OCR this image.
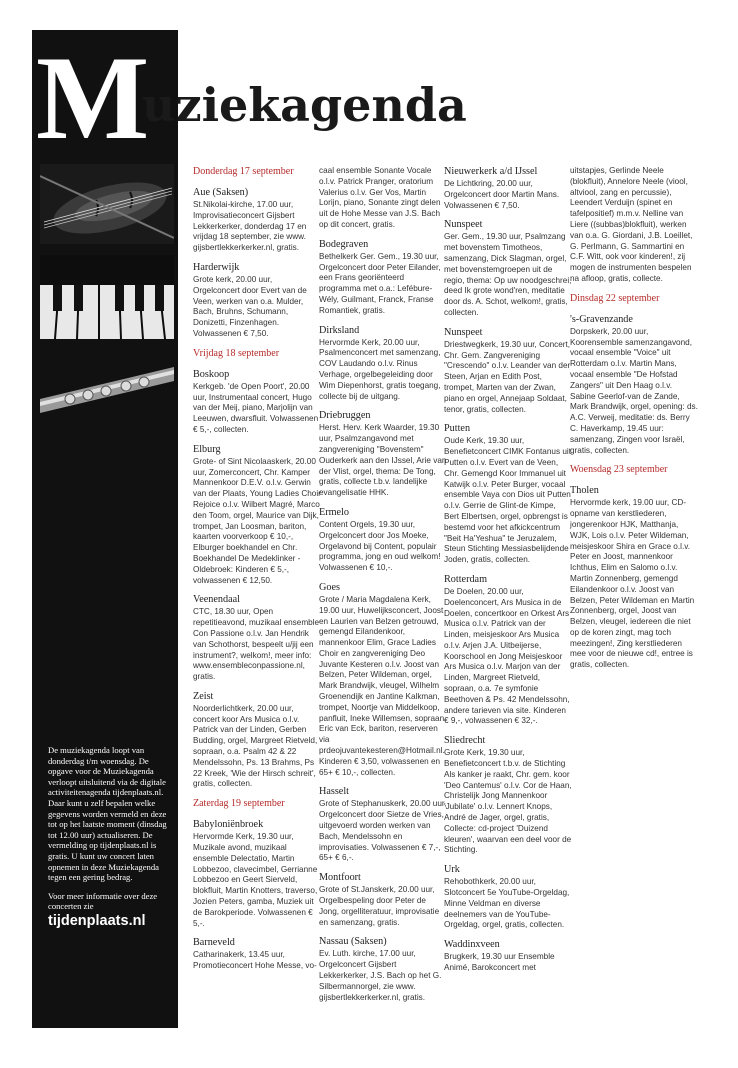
M
uziekagenda

De muziekagenda loopt van donderdag t/m woensdag. De opgave voor de Muziekagenda verloopt uitsluitend via de digitale activiteitenagenda tijdenplaats.nl. Daar kunt u zelf bepalen welke gegevens worden vermeld en deze tot op het laatste moment (dinsdag tot 12.00 uur) actualiseren. De vermelding op tijdenplaats.nl is gratis. U kunt uw concert laten opnemen in deze Muziekagenda tegen een gering bedrag.

Voor meer informatie over deze concerten zie
tijdenplaats.nl

Donderdag 17 september
Aue (Saksen)
St.Nikolai-kirche, 17.00 uur, Improvisatieconcert Gijsbert Lekkerkerker, donderdag 17 en vrijdag 18 september, zie www. gijsbertlekkerkerker.nl, gratis.
Harderwijk
Grote kerk, 20.00 uur, Orgelconcert door Evert van de Veen, werken van o.a. Mulder, Bach, Bruhns, Schumann, Donizetti, Finzenhagen. Volwassenen € 7,50.
Vrijdag 18 september
Boskoop
Kerkgeb. 'de Open Poort', 20.00 uur, Instrumentaal concert, Hugo van der Meij, piano, Marjolijn van Leeuwen, dwarsfluit. Volwassenen € 5,-, collecten.
Elburg
Grote- of Sint Nicolaaskerk, 20.00 uur, Zomerconcert, Chr. Kamper Mannenkoor D.E.V. o.l.v. Gerwin van der Plaats, Young Ladies Choir Rejoice o.l.v. Wilbert Magré, Marco den Toom, orgel, Maurice van Dijk, trompet, Jan Loosman, bariton, kaarten voorverkoop € 10,-, Elburger boekhandel en Chr. Boekhandel De Medeklinker - Oldebroek: Kinderen € 5,-, volwassenen € 12,50.
Veenendaal
CTC, 18.30 uur, Open repetitieavond, muzikaal ensemble Con Passione o.l.v. Jan Hendrik van Schothorst, bespeelt u/jij een instrument?, welkom!, meer info: www.ensembleconpassione.nl, gratis.
Zeist
Noorderlichtkerk, 20.00 uur, concert koor Ars Musica o.l.v. Patrick van der Linden, Gerben Budding, orgel, Margreet Rietveld, sopraan, o.a. Psalm 42 & 22 Mendelssohn, Ps. 13 Brahms, Ps 22 Kreek, 'Wie der Hirsch schreit', gratis, collecten.
Zaterdag 19 september
Babyloniënbroek
Hervormde Kerk, 19.30 uur, Muzikale avond, muzikaal ensemble Delectatio, Martin Lobbezoo, clavecimbel, Gerrianne Lobbezoo en Geert Sierveld, blokfluit, Martin Knotters, traverso, Jozien Peters, gamba, Muziek uit de Barokperiode. Volwassenen € 5,-.
Barneveld
Catharinakerk, 13.45 uur, Promotieconcert Hohe Messe, vo-
caal ensemble Sonante Vocale o.l.v. Patrick Pranger, oratorium Valerius o.l.v. Ger Vos, Martin Lorijn, piano, Sonante zingt delen uit de Hohe Messe van J.S. Bach op dit concert, gratis.
Bodegraven
Bethelkerk Ger. Gem., 19.30 uur, Orgelconcert door Peter Eilander, een Frans georiënteerd programma met o.a.: Lefébure-Wély, Guilmant, Franck, Franse Romantiek, gratis.
Dirksland
Hervormde Kerk, 20.00 uur, Psalmenconcert met samenzang, COV Laudando o.l.v. Rinus Verhage, orgelbegeleiding door Wim Diepenhorst, gratis toegang, collecte bij de uitgang.
Driebruggen
Herst. Herv. Kerk Waarder, 19.30 uur, Psalmzangavond met zangvereniging "Bovenstem" Ouderkerk aan den IJssel, Arie van der Vlist, orgel, thema: De Tong, gratis, collecte t.b.v. landelijke evangelisatie HHK.
Ermelo
Content Orgels, 19.30 uur, Orgelconcert door Jos Moeke, Orgelavond bij Content, populair programma, jong en oud welkom! Volwassenen € 10,-.
Goes
Grote / Maria Magdalena Kerk, 19.00 uur, Huwelijksconcert, Joost en Laurien van Belzen getrouwd, gemengd Eilandenkoor, mannenkoor Elim, Grace Ladies Choir en zangvereniging Deo Juvante Kesteren o.l.v. Joost van Belzen, Peter Wildeman, orgel, Mark Brandwijk, vleugel, Wilhelm Groenendijk en Jantine Kalkman, trompet, Noortje van Middelkoop, panfluit, Ineke Willemsen, sopraan, Eric van Eck, bariton, reserveren via prdeojuvantekesteren@Hotmail.nl. Kinderen € 3,50, volwassenen en 65+ € 10,-, collecten.
Hasselt
Grote of Stephanuskerk, 20.00 uur, Orgelconcert door Sietze de Vries, uitgevoerd worden werken van Bach, Mendelssohn en improvisaties. Volwassenen € 7,-, 65+ € 6,-.
Montfoort
Grote of St.Janskerk, 20.00 uur, Orgelbespeling door Peter de Jong, orgelliteratuur, improvisatie en samenzang, gratis.
Nassau (Saksen)
Ev. Luth. kirche, 17.00 uur, Orgelconcert Gijsbert Lekkerkerker, J.S. Bach op het G. Silbermannorgel, zie www. gijsbertlekkerkerker.nl, gratis.
Nieuwerkerk a/d IJssel
De Lichtkring, 20.00 uur, Orgelconcert door Martin Mans. Volwassenen € 7,50.
Nunspeet
Ger. Gem., 19.30 uur, Psalmzang met bovenstem Timotheos, samenzang, Dick Slagman, orgel, met bovenstemgroepen uit de regio, thema: Op uw noodgeschrei, deed Ik grote wond'ren, meditatie door ds. A. Schot, welkom!, gratis, collecten.
Nunspeet
Driestwegkerk, 19.30 uur, Concert, Chr. Gem. Zangvereniging "Crescendo" o.l.v. Leander van der Steen, Arjan en Edith Post, trompet, Marten van der Zwan, piano en orgel, Annejaap Soldaat, tenor, gratis, collecten.
Putten
Oude Kerk, 19.30 uur, Benefietconcert CIMK Fontanus uit Putten o.l.v. Evert van de Veen, Chr. Gemengd Koor Immanuel uit Katwijk o.l.v. Peter Burger, vocaal ensemble Vaya con Dios uit Putten o.l.v. Gerrie de Glint-de Kimpe, Bert Elbertsen, orgel, opbrengst is bestemd voor het afkickcentrum "Beit Ha'Yeshua" te Jeruzalem, Steun Stichting Messiasbelijdende Joden, gratis, collecten.
Rotterdam
De Doelen, 20.00 uur, Doelenconcert, Ars Musica in de Doelen, concertkoor en Orkest Ars Musica o.l.v. Patrick van der Linden, meisjeskoor Ars Musica o.l.v. Arjen J.A. Uitbeijerse, Koorschool en Jong Meisjeskoor Ars Musica o.l.v. Marjon van der Linden, Margreet Rietveld, sopraan, o.a. 7e symfonie Beethoven & Ps. 42 Mendelssohn, andere tarieven via site. Kinderen € 9,-, volwassenen € 32,-.
Sliedrecht
Grote Kerk, 19.30 uur, Benefietconcert t.b.v. de Stichting Als kanker je raakt, Chr. gem. koor 'Deo Cantemus' o.l.v. Cor de Haan, Christelijk Jong Mannenkoor 'Jubilate' o.l.v. Lennert Knops, André de Jager, orgel, gratis, Collecte: cd-project 'Duizend kleuren', waarvan een deel voor de Stichting.
Urk
Rehobothkerk, 20.00 uur, Slotconcert 5e YouTube-Orgeldag, Minne Veldman en diverse deelnemers van de YouTube-Orgeldag, orgel, gratis, collecten.
Waddinxveen
Brugkerk, 19.30 uur Ensemble Animé, Barokconcert met
uitstapjes, Gerlinde Neele (blokfluit), Annelore Neele (viool, altviool, zang en percussie), Leendert Verduijn (spinet en tafelpositief) m.m.v. Nelline van Liere ((subbas)blokfluit), werken van o.a. G. Giordani, J.B. Loeillet, G. Perlmann, G. Sammartini en C.F. Witt, ook voor kinderen!, zij mogen de instrumenten bespelen na afloop, gratis, collecte.
Dinsdag 22 september
's-Gravenzande
Dorpskerk, 20.00 uur, Koorensemble samenzangavond, vocaal ensemble "Voice" uit Rotterdam o.l.v. Martin Mans, vocaal ensemble "De Hofstad Zangers" uit Den Haag o.l.v. Sabine Geerlof-van de Zande, Mark Brandwijk, orgel, opening: ds. A.C. Verweij, meditatie: ds. Berry C. Haverkamp, 19.45 uur: samenzang, Zingen voor Israël, gratis, collecten.
Woensdag 23 september
Tholen
Hervormde kerk, 19.00 uur, CD-opname van kerstliederen, jongerenkoor HJK, Matthanja, WJK, Lois o.l.v. Peter Wildeman, meisjeskoor Shira en Grace o.l.v. Peter en Joost, mannenkoor Ichthus, Elim en Salomo o.l.v. Martin Zonnenberg, gemengd Eilandenkoor o.l.v. Joost van Belzen, Peter Wildeman en Martin Zonnenberg, orgel, Joost van Belzen, vleugel, iedereen die niet op de koren zingt, mag toch meezingen!, Zing kerstliederen mee voor de nieuwe cd!, entree is gratis, collecten.
